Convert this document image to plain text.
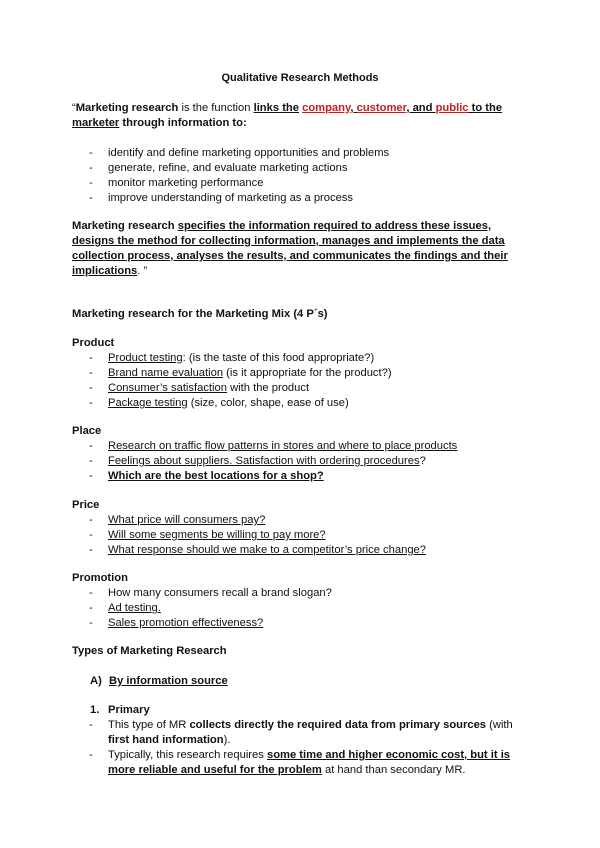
Qualitative Research Methods
“Marketing research is the function links the company, customer, and public to the
marketer through information to:
- identify and define marketing opportunities and problems
- generate, refine, and evaluate marketing actions
- monitor marketing performance
- improve understanding of marketing as a process
Marketing research specifies the information required to address these issues, designs the method for collecting information, manages and implements the data collection process, analyses the results, and communicates the findings and their implications. ”
Marketing research for the Marketing Mix (4 P´s)
Product
- Product testing: (is the taste of this food appropriate?)
- Brand name evaluation (is it appropriate for the product?)
- Consumer’s satisfaction with the product
- Package testing (size, color, shape, ease of use)
Place
- Research on traffic flow patterns in stores and where to place products
- Feelings about suppliers. Satisfaction with ordering procedures?
- Which are the best locations for a shop?
Price
- What price will consumers pay?
- Will some segments be willing to pay more?
- What response should we make to a competitor’s price change?
Promotion
- How many consumers recall a brand slogan?
- Ad testing.
- Sales promotion effectiveness?
Types of Marketing Research
A) By information source
1. Primary
- This type of MR collects directly the required data from primary sources (with first hand information).
- Typically, this research requires some time and higher economic cost, but it is more reliable and useful for the problem at hand than secondary MR.
